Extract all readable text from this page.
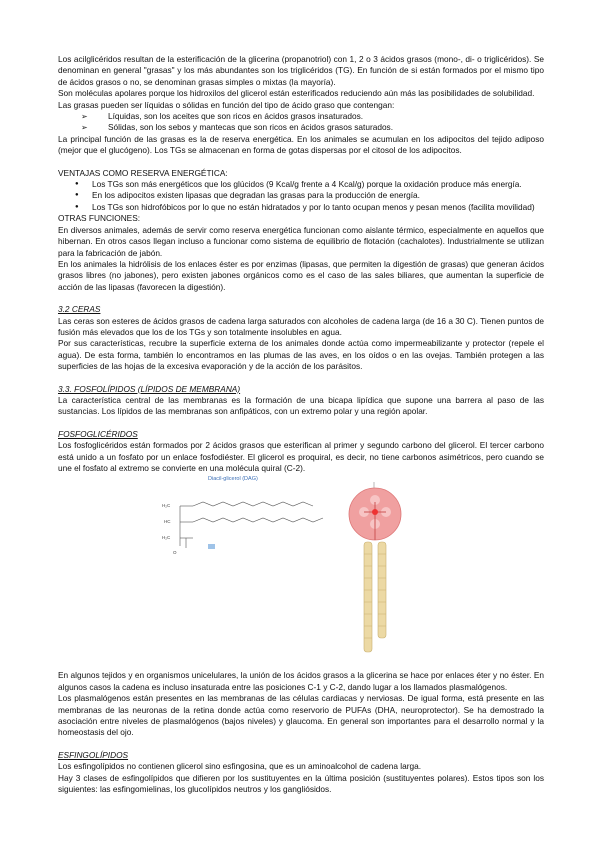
Los acilglicéridos resultan de la esterificación de la glicerina (propanotriol) con 1, 2 o 3 ácidos grasos (mono-, di- o triglicéridos). Se denominan en general "grasas" y los más abundantes son los triglicéridos (TG). En función de si están formados por el mismo tipo de ácidos grasos o no, se denominan grasas simples o mixtas (la mayoría).

Son moléculas apolares porque los hidroxilos del glicerol están esterificados reduciendo aún más las posibilidades de solubilidad.

Las grasas pueden ser líquidas o sólidas en función del tipo de ácido graso que contengan:

➢ Líquidas, son los aceites que son ricos en ácidos grasos insaturados.
➢ Sólidas, son los sebos y mantecas que son ricos en ácidos grasos saturados.

La principal función de las grasas es la de reserva energética. En los animales se acumulan en los adipocitos del tejido adiposo (mejor que el glucógeno). Los TGs se almacenan en forma de gotas dispersas por el citosol de los adipocitos.

VENTAJAS COMO RESERVA ENERGÉTICA:
● Los TGs son más energéticos que los glúcidos (9 Kcal/g frente a 4 Kcal/g) porque la oxidación produce más energía.
● En los adipocitos existen lipasas que degradan las grasas para la producción de energía.
● Los TGs son hidrofóbicos por lo que no están hidratados y por lo tanto ocupan menos y pesan menos (facilita movilidad)
OTRAS FUNCIONES:

En diversos animales, además de servir como reserva energética funcionan como aislante térmico, especialmente en aquellos que hibernan. En otros casos llegan incluso a funcionar como sistema de equilibrio de flotación (cachalotes). Industrialmente se utilizan para la fabricación de jabón.

En los animales la hidrólisis de los enlaces éster es por enzimas (lipasas, que permiten la digestión de grasas) que generan ácidos grasos libres (no jabones), pero existen jabones orgánicos como es el caso de las sales biliares, que aumentan la superficie de acción de las lipasas (favorecen la digestión).

3.2 CERAS

Las ceras son esteres de ácidos grasos de cadena larga saturados con alcoholes de cadena larga (de 16 a 30 C). Tienen puntos de fusión más elevados que los de los TGs y son totalmente insolubles en agua.

Por sus características, recubre la superficie externa de los animales donde actúa como impermeabilizante y protector (repele el agua). De esta forma, también lo encontramos en las plumas de las aves, en los oídos o en las ovejas. También protegen a las superficies de las hojas de la excesiva evaporación y de la acción de los parásitos.

3.3. FOSFOLÍPIDOS (LÍPIDOS DE MEMBRANA)

La característica central de las membranas es la formación de una bicapa lipídica que supone una barrera al paso de las sustancias. Los lípidos de las membranas son anfipáticos, con un extremo polar y una región apolar.

FOSFOGLICÉRIDOS

Los fosfoglicéridos están formados por 2 ácidos grasos que esterifican al primer y segundo carbono del glicerol. El tercer carbono está unido a un fosfato por un enlace fosfodiéster. El glicerol es proquiral, es decir, no tiene carbonos asimétricos, pero cuando se une el fosfato al extremo se convierte en una molécula quiral (C-2).

Diacil-glicerol (DAG)
H₂C
HC
H₂C
O

En algunos tejidos y en organismos unicelulares, la unión de los ácidos grasos a la glicerina se hace por enlaces éter y no éster. En algunos casos la cadena es incluso insaturada entre las posiciones C-1 y C-2, dando lugar a los llamados plasmalógenos.

Los plasmalógenos están presentes en las membranas de las células cardiacas y nerviosas. De igual forma, está presente en las membranas de las neuronas de la retina donde actúa como reservorio de PUFAs (DHA, neuroprotector). Se ha demostrado la asociación entre niveles de plasmalógenos (bajos niveles) y glaucoma. En general son importantes para el desarrollo normal y la homeostasis del ojo.

ESFINGOLÍPIDOS

Los esfingolípidos no contienen glicerol sino esfingosina, que es un aminoalcohol de cadena larga.

Hay 3 clases de esfingolípidos que difieren por los sustituyentes en la última posición (sustituyentes polares). Estos tipos son los siguientes: las esfingomielinas, los glucolípidos neutros y los gangliósidos.
